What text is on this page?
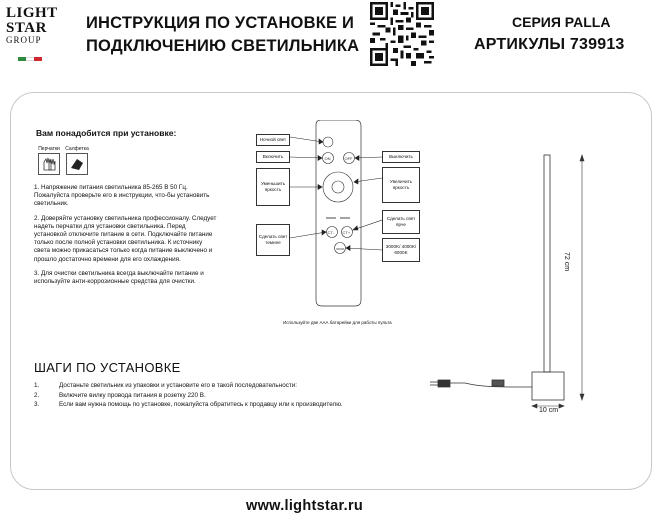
LIGHT
STAR
GROUP
ИНСТРУКЦИЯ ПО УСТАНОВКЕ И
ПОДКЛЮЧЕНИЮ СВЕТИЛЬНИКА
СЕРИЯ PALLA
АРТИКУЛЫ 739913
Вам понадобится при установке:
Перчатки	Салфетка

1. Напряжение питания светильника 85-265 В 50 Гц. Пожалуйста проверьте его в инструкции, что-бы установить светильник.

2. Доверяйте установку светильника профессионалу. Следует надеть перчатки для установки светильника. Перед установкой отключите питание в сети. Подключайте питание только после полной установки светильника. К источнику света можно прикасаться только когда питание выключено и прошло достаточно времени для его охлаждения.

3. Для очистки светильника всегда выключайте питание и используйте анти-коррозионные средства для очистки.

ON	OFF
CT- CT+
3000K
Ночной свет
Включить
Уменьшить яркость
Сделать свет темнее
Выключить
Увеличить яркость
Сделать свет ярче
3000K/ 4000K/ 6000K
Используйте две ААА батарейки для работы пульта
72 cm
10 cm
ШАГИ ПО УСТАНОВКЕ
1.	Достаньте светильник из упаковки и установите его в такой последовательности:
2.	Включите вилку провода питания в розетку 220 В.
3.	Если вам нужна помощь по установке, пожалуйста обратитесь к продавцу или к производителю.
www.lightstar.ru
